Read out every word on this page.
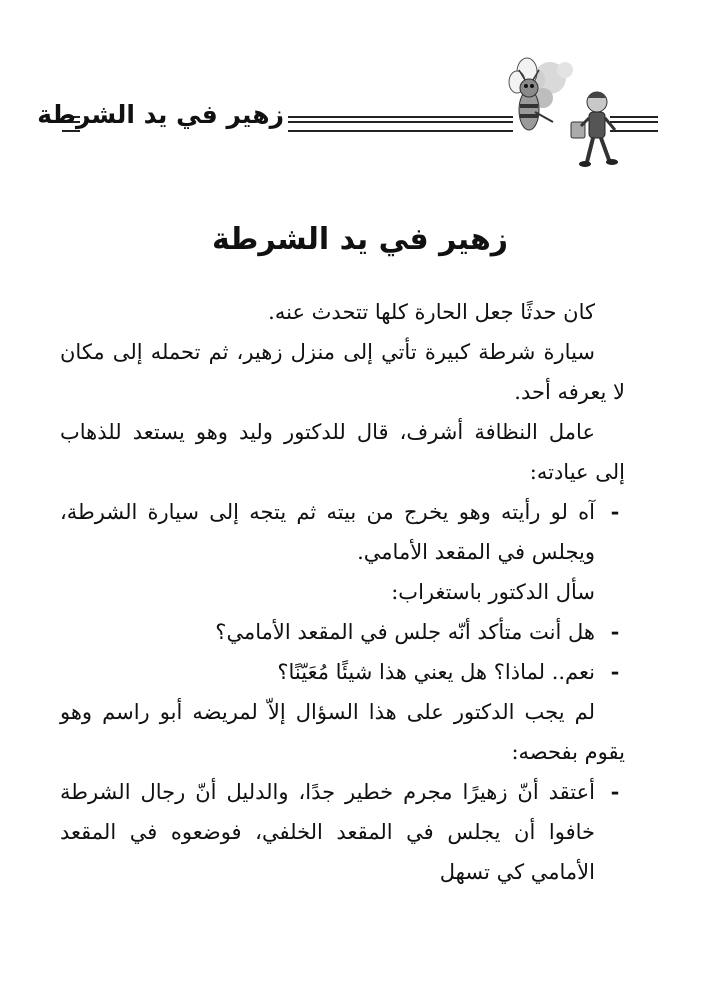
زهير في يد الشرطة
زهير في يد الشرطة

كان حدثًا جعل الحارة كلها تتحدث عنه.

سيارة شرطة كبيرة تأتي إلى منزل زهير، ثم تحمله إلى مكان لا يعرفه أحد.

عامل النظافة أشرف، قال للدكتور وليد وهو يستعد للذهاب إلى عيادته:

-
آه لو رأيته وهو يخرج من بيته ثم يتجه إلى سيارة الشرطة، ويجلس في المقعد الأمامي.

سأل الدكتور باستغراب:

-
هل أنت متأكد أنّه جلس في المقعد الأمامي؟

-
نعم.. لماذا؟ هل يعني هذا شيئًا مُعَيّنًا؟

لم يجب الدكتور على هذا السؤال إلاّ لمريضه أبو راسم وهو يقوم بفحصه:

-
أعتقد أنّ زهيرًا مجرم خطير جدًا، والدليل أنّ رجال الشرطة خافوا أن يجلس في المقعد الخلفي، فوضعوه في المقعد الأمامي كي تسهل
